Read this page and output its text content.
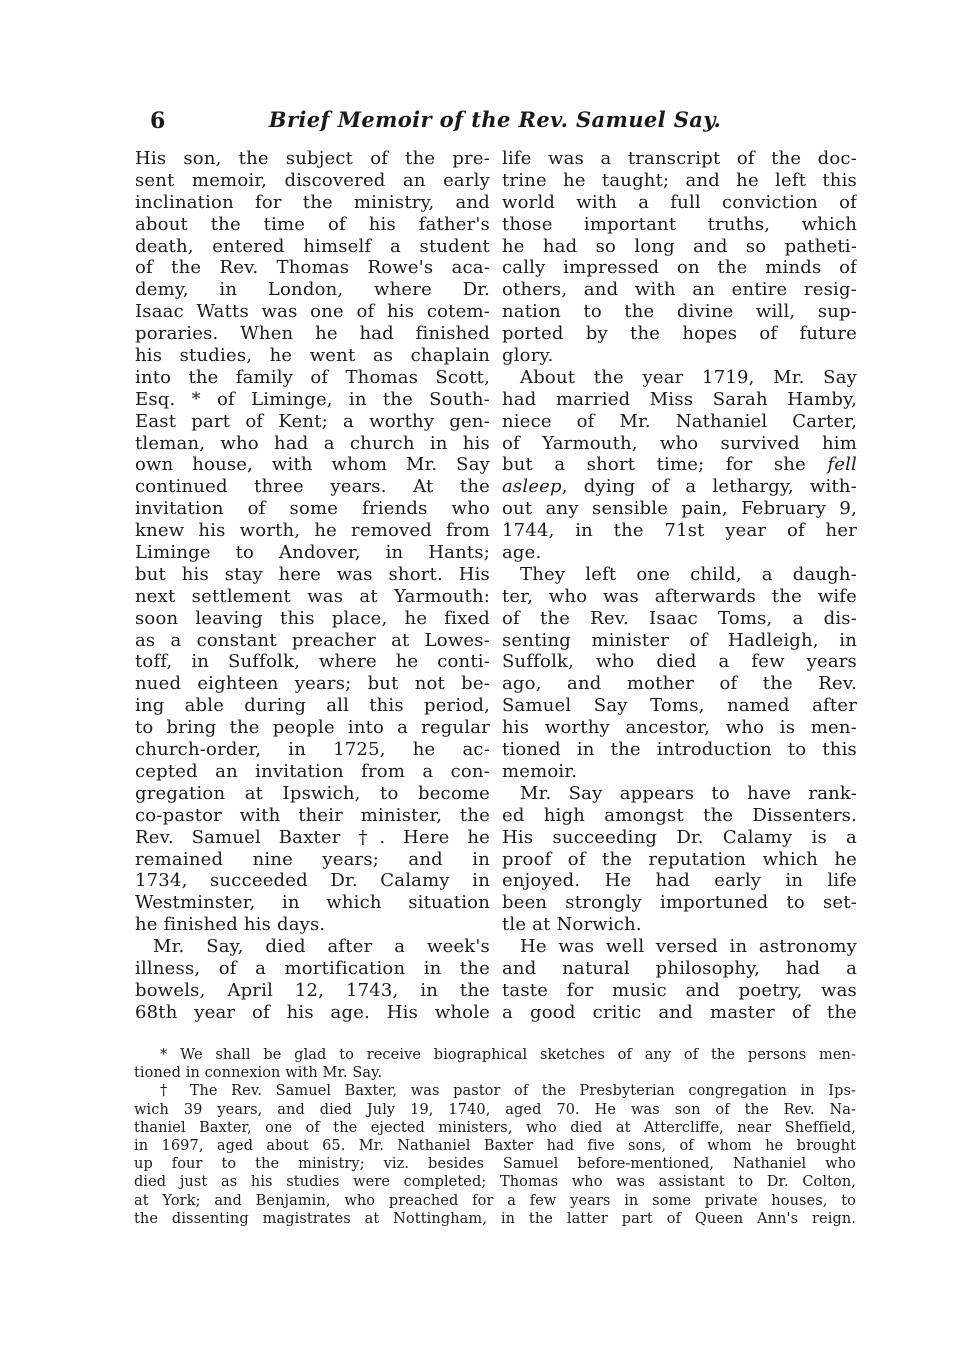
6	Brief Memoir of the Rev. Samuel Say.
His son, the subject of the pre-
sent memoir, discovered an early
inclination for the ministry, and
about the time of his father's
death, entered himself a student
of the Rev. Thomas Rowe's aca-
demy, in London, where Dr.
Isaac Watts was one of his cotem-
poraries. When he had finished
his studies, he went as chaplain
into the family of Thomas Scott,
Esq. * of Liminge, in the South-
East part of Kent; a worthy gen-
tleman, who had a church in his
own house, with whom Mr. Say
continued three years. At the
invitation of some friends who
knew his worth, he removed from
Liminge to Andover, in Hants;
but his stay here was short. His
next settlement was at Yarmouth:
soon leaving this place, he fixed
as a constant preacher at Lowes-
toff, in Suffolk, where he conti-
nued eighteen years; but not be-
ing able during all this period,
to bring the people into a regular
church-order, in 1725, he ac-
cepted an invitation from a con-
gregation at Ipswich, to become
co-pastor with their minister, the
Rev. Samuel Baxter †. Here he
remained nine years; and in
1734, succeeded Dr. Calamy in
Westminster, in which situation
he finished his days.
Mr. Say, died after a week's
illness, of a mortification in the
bowels, April 12, 1743, in the
68th year of his age. His whole
life was a transcript of the doc-
trine he taught; and he left this
world with a full conviction of
those important truths, which
he had so long and so patheti-
cally impressed on the minds of
others, and with an entire resig-
nation to the divine will, sup-
ported by the hopes of future
glory.
About the year 1719, Mr. Say
had married Miss Sarah Hamby,
niece of Mr. Nathaniel Carter,
of Yarmouth, who survived him
but a short time; for she fell
asleep, dying of a lethargy, with-
out any sensible pain, February 9,
1744, in the 71st year of her
age.
They left one child, a daugh-
ter, who was afterwards the wife
of the Rev. Isaac Toms, a dis-
senting minister of Hadleigh, in
Suffolk, who died a few years
ago, and mother of the Rev.
Samuel Say Toms, named after
his worthy ancestor, who is men-
tioned in the introduction to this
memoir.
Mr. Say appears to have rank-
ed high amongst the Dissenters.
His succeeding Dr. Calamy is a
proof of the reputation which he
enjoyed. He had early in life
been strongly importuned to set-
tle at Norwich.
He was well versed in astronomy
and natural philosophy, had a
taste for music and poetry, was
a good critic and master of the
* We shall be glad to receive biographical sketches of any of the persons men-
tioned in connexion with Mr. Say.
† The Rev. Samuel Baxter, was pastor of the Presbyterian congregation in Ips-
wich 39 years, and died July 19, 1740, aged 70. He was son of the Rev. Na-
thaniel Baxter, one of the ejected ministers, who died at Attercliffe, near Sheffield,
in 1697, aged about 65. Mr. Nathaniel Baxter had five sons, of whom he brought
up four to the ministry; viz. besides Samuel before-mentioned, Nathaniel who
died just as his studies were completed; Thomas who was assistant to Dr. Colton,
at York; and Benjamin, who preached for a few years in some private houses, to
the dissenting magistrates at Nottingham, in the latter part of Queen Ann's reign.
